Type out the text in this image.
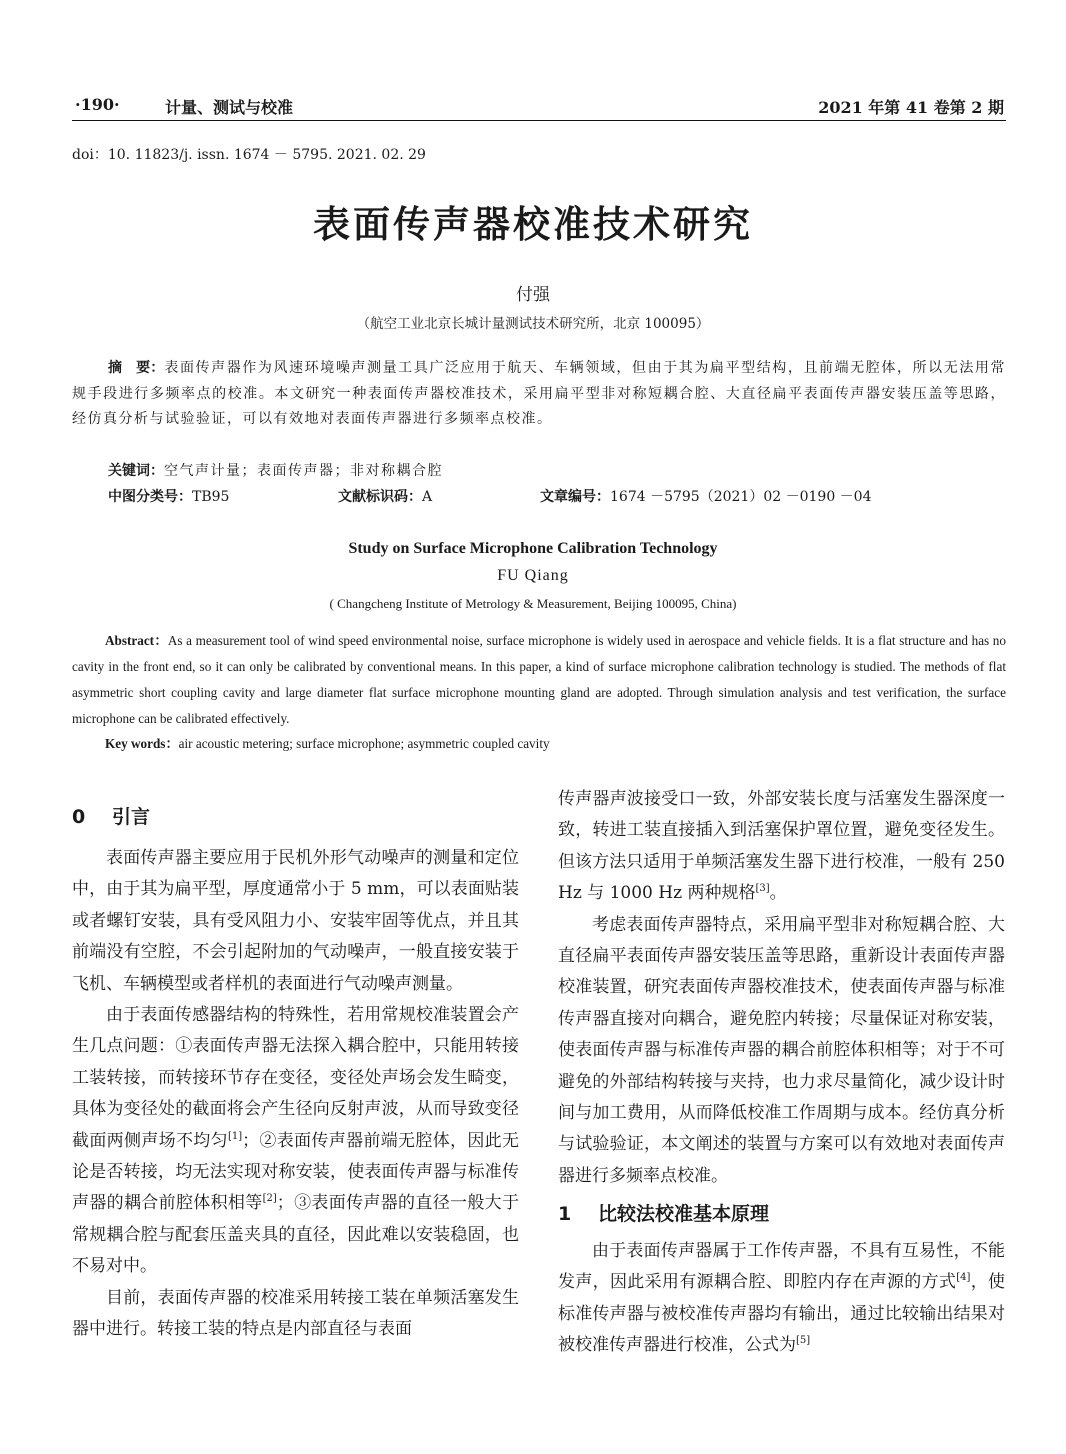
·190·	计量、测试与校准	2021 年第 41 卷第 2 期
doi：10. 11823/j. issn. 1674 － 5795. 2021. 02. 29
表面传声器校准技术研究
付强
（航空工业北京长城计量测试技术研究所，北京 100095）
摘　要：表面传声器作为风速环境噪声测量工具广泛应用于航天、车辆领域，但由于其为扁平型结构，且前端无腔体，所以无法用常规手段进行多频率点的校准。本文研究一种表面传声器校准技术，采用扁平型非对称短耦合腔、大直径扁平表面传声器安装压盖等思路，经仿真分析与试验验证，可以有效地对表面传声器进行多频率点校准。
关键词：空气声计量；表面传声器；非对称耦合腔
中图分类号：TB95	文献标识码：A	文章编号：1674 －5795（2021）02 －0190 －04
Study on Surface Microphone Calibration Technology
FU Qiang
( Changcheng Institute of Metrology & Measurement, Beijing 100095, China)
Abstract：As a measurement tool of wind speed environmental noise, surface microphone is widely used in aerospace and vehicle fields. It is a flat structure and has no cavity in the front end, so it can only be calibrated by conventional means. In this paper, a kind of surface microphone calibration technology is studied. The methods of flat asymmetric short coupling cavity and large diameter flat surface microphone mounting gland are adopted. Through simulation analysis and test verification, the surface microphone can be calibrated effectively.
Key words：air acoustic metering; surface microphone; asymmetric coupled cavity
0 引言

表面传声器主要应用于民机外形气动噪声的测量和定位中，由于其为扁平型，厚度通常小于 5 mm，可以表面贴装或者螺钉安装，具有受风阻力小、安装牢固等优点，并且其前端没有空腔，不会引起附加的气动噪声，一般直接安装于飞机、车辆模型或者样机的表面进行气动噪声测量。

由于表面传感器结构的特殊性，若用常规校准装置会产生几点问题：①表面传声器无法探入耦合腔中，只能用转接工装转接，而转接环节存在变径，变径处声场会发生畸变，具体为变径处的截面将会产生径向反射声波，从而导致变径截面两侧声场不均匀[1]；②表面传声器前端无腔体，因此无论是否转接，均无法实现对称安装，使表面传声器与标准传声器的耦合前腔体积相等[2]；③表面传声器的直径一般大于常规耦合腔与配套压盖夹具的直径，因此难以安装稳固，也不易对中。

目前，表面传声器的校准采用转接工装在单频活塞发生器中进行。转接工装的特点是内部直径与表面

传声器声波接受口一致，外部安装长度与活塞发生器深度一致，转进工装直接插入到活塞保护罩位置，避免变径发生。但该方法只适用于单频活塞发生器下进行校准，一般有 250 Hz 与 1000 Hz 两种规格[3]。

考虑表面传声器特点，采用扁平型非对称短耦合腔、大直径扁平表面传声器安装压盖等思路，重新设计表面传声器校准装置，研究表面传声器校准技术，使表面传声器与标准传声器直接对向耦合，避免腔内转接；尽量保证对称安装，使表面传声器与标准传声器的耦合前腔体积相等；对于不可避免的外部结构转接与夹持，也力求尽量简化，减少设计时间与加工费用，从而降低校准工作周期与成本。经仿真分析与试验验证，本文阐述的装置与方案可以有效地对表面传声器进行多频率点校准。

1 比较法校准基本原理

由于表面传声器属于工作传声器，不具有互易性，不能发声，因此采用有源耦合腔、即腔内存在声源的方式[4]，使标准传声器与被校准传声器均有输出，通过比较输出结果对被校准传声器进行校准，公式为[5]
